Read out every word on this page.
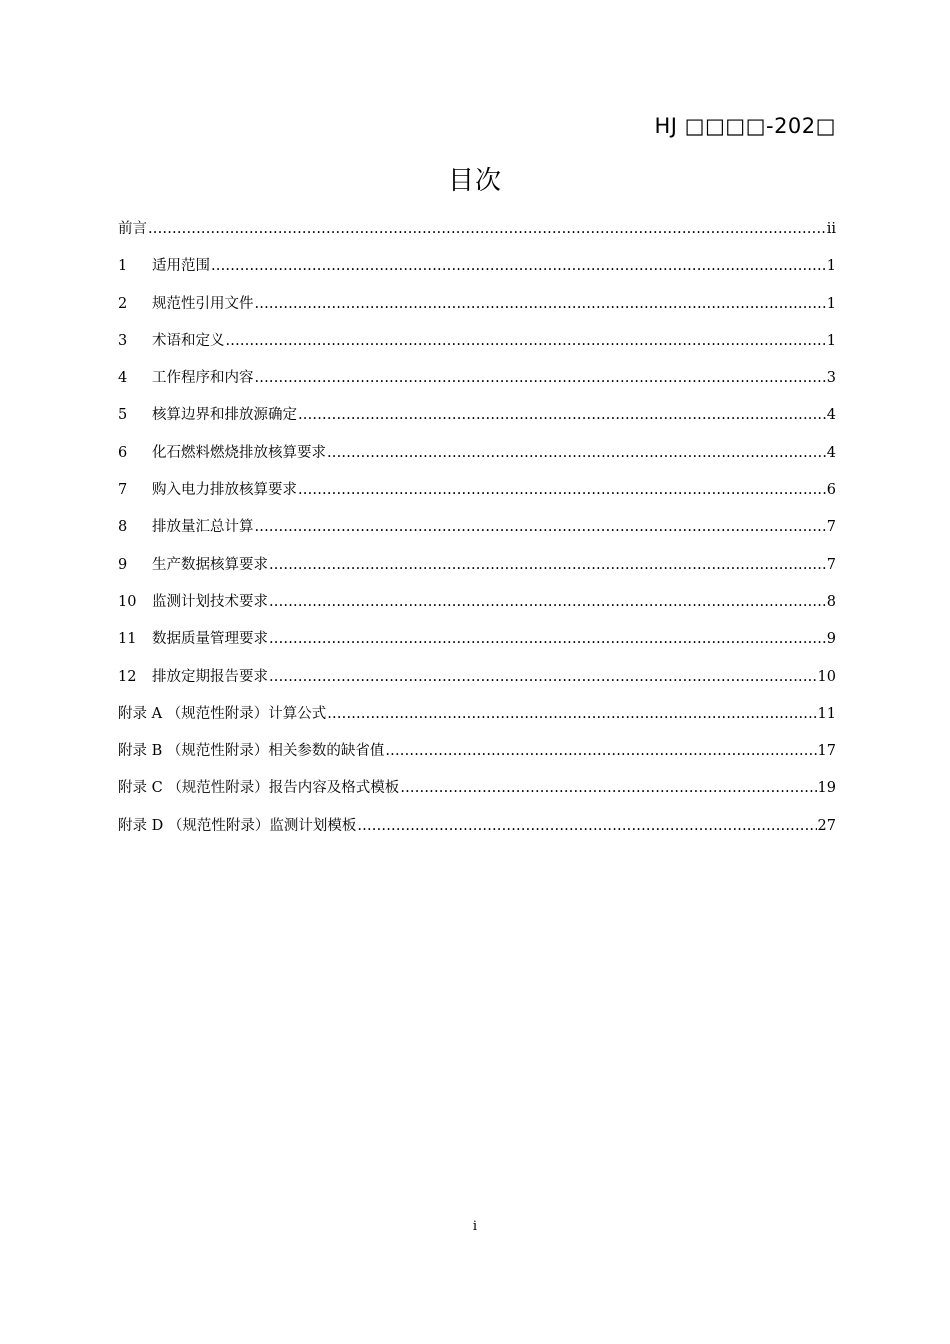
HJ □□□□-202□
目次
前言 .....	ii
1	适用范围 .....	1
2	规范性引用文件 .....	1
3	术语和定义 .....	1
4	工作程序和内容 .....	3
5	核算边界和排放源确定 .....	4
6	化石燃料燃烧排放核算要求 .....	4
7	购入电力排放核算要求 .....	6
8	排放量汇总计算 .....	7
9	生产数据核算要求 .....	7
10	监测计划技术要求 .....	8
11	数据质量管理要求 .....	9
12	排放定期报告要求 .....	10
附录 A （规范性附录）计算公式 .....	11
附录 B （规范性附录）相关参数的缺省值 .....	17
附录 C （规范性附录）报告内容及格式模板 .....	19
附录 D （规范性附录）监测计划模板 .....	27
i
